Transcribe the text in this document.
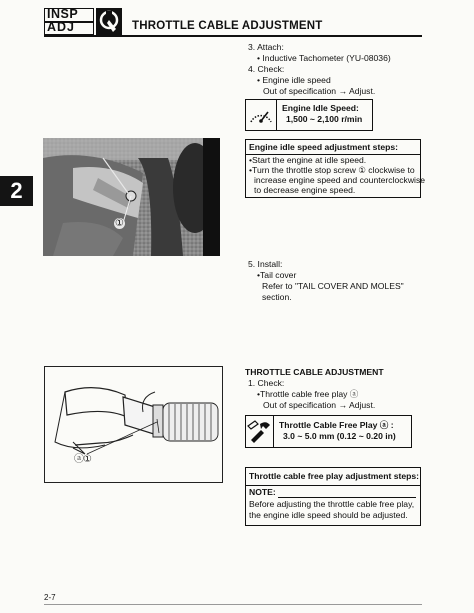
INSP
ADJ	THROTTLE CABLE ADJUSTMENT
2
3. Attach:
• Inductive Tachometer (YU-08036)
4. Check:
• Engine idle speed
Out of specification → Adjust.
Engine Idle Speed:
1,500 ~ 2,100 r/min
Engine idle speed adjustment steps:
•Start the engine at idle speed.
•Turn the throttle stop screw ① clockwise to
increase engine speed and counterclockwise
to decrease engine speed.
①
5. Install:
•Tail cover
Refer to "TAIL COVER AND MOLES"
section.
THROTTLE CABLE ADJUSTMENT
1. Check:
•Throttle cable free play ⓐ
Out of specification → Adjust.
ⓐ①
Throttle Cable Free Play ⓐ :
3.0 ~ 5.0 mm (0.12 ~ 0.20 in)
Throttle cable free play adjustment steps:
NOTE:
Before adjusting the throttle cable free play,
the engine idle speed should be adjusted.
2-7
